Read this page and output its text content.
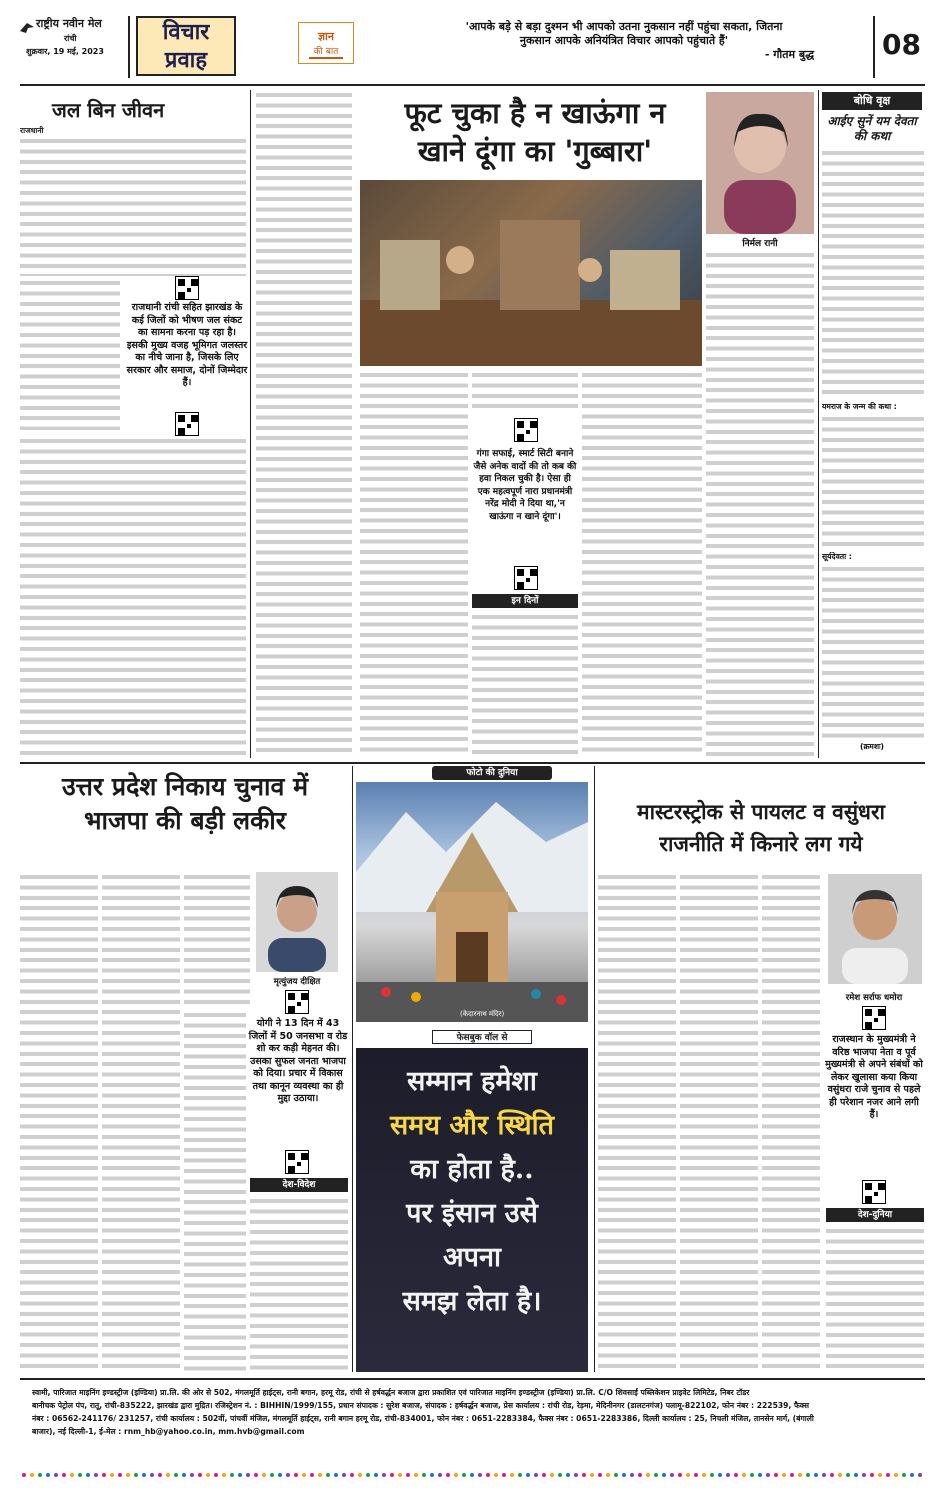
राष्ट्रीय नवीन मेल
रांची
शुक्रवार, 19 मई, 2023
विचार
प्रवाह
ज्ञान
की बात
'आपके बड़े से बड़ा दुश्मन भी आपको उतना नुकसान नहीं पहुंचा सकता, जितना
नुकसान आपके अनियंत्रित विचार आपको पहुंचाते हैं'
- गौतम बुद्ध	08
जल बिन जीवन
राजधानी
राजधानी रांची सहित झारखंड के कई जिलों को भीषण जल संकट का सामना करना पड़ रहा है। इसकी मुख्य वजह भूमिगत जलस्तर का नीचे जाना है, जिसके लिए सरकार और समाज, दोनों जिम्मेदार हैं।
फूट चुका है न खाऊंगा न
खाने दूंगा का 'गुब्बारा'
निर्मल रानी
गंगा सफाई, स्मार्ट सिटी बनाने जैसे अनेक वादों की तो कब की हवा निकल चुकी है। ऐसा ही एक महत्वपूर्ण नारा प्रधानमंत्री नरेंद्र मोदी ने दिया था,'न खाऊंगा न खाने दूंगा'।
इन दिनों
बोधि वृक्ष
आईए सुनें यम देवता
की कथा
यमराज के जन्म की कथा :
सूर्यदेवता :
(क्रमशः)
उत्तर प्रदेश निकाय चुनाव में
भाजपा की बड़ी लकीर
मृत्युंजय दीक्षित
योगी ने 13 दिन में 43 जिलों में 50 जनसभा व रोड शो कर कड़ी मेहनत की। उसका सुफल जनता भाजपा को दिया। प्रचार में विकास तथा कानून व्यवस्था का ही मुद्दा उठाया।
देश-विदेश
फोटो की दुनिया
(केदारनाथ मंदिर)
फेसबुक वॉल से
सम्मान हमेशा
समय और स्थिति
का होता है..
पर इंसान उसे
अपना
समझ लेता है।
मास्टरस्ट्रोक से पायलट व वसुंधरा
राजनीति में किनारे लग गये
रमेश सर्राफ धमोरा
राजस्थान के मुख्यमंत्री ने वरिष्ठ भाजपा नेता व पूर्व मुख्यमंत्री से अपने संबंधों को लेकर खुलासा कया किया वसुंधरा राजे चुनाव से पहले ही परेशान नजर आने लगी हैं।
देश-दुनिया
स्वामी, पारिजात माइनिंग इण्डस्ट्रीज (इण्डिया) प्रा.लि. की ओर से 502, मंगलमूर्ति हाईट्स, रानी बगान, हरमू रोड, रांची से हर्षवर्द्धन बजाज द्वारा प्रकाशित एवं पारिजात माइनिंग इण्डस्ट्रीज (इण्डिया) प्रा.लि. C/O शिवसाईं पब्लिकेशन प्राइवेट लिमिटेड, निबर टॉडर
बानीचक पेट्रोल पंप, रातू, रांची-835222, झारखंड द्वारा मुद्रित। रजिस्ट्रेशन नं. : BIHHIN/1999/155, प्रधान संपादक : सुरेश बजाज, संपादक : हर्षवर्द्धन बजाज, प्रेस कार्यालय : रांची रोड, रेड़मा, मेदिनीनगर (डालटनगंज) पलामू-822102, फोन नंबर : 222539, फैक्स
नंबर : 06562-241176/ 231257, रांची कार्यालय : 502वीं, पांचवीं मंजिल, मंगलमूर्ति हाईट्स, रानी बगान हरमू रोड, रांची-834001, फोन नंबर : 0651-2283384, फैक्स नंबर : 0651-2283386, दिल्ली कार्यालय : 25, निचली मंजिल, तानसेन मार्ग, (बंगाली
बाजार), नई दिल्ली-1, ई-मेल : rnm_hb@yahoo.co.in, mm.hvb@gmail.com
